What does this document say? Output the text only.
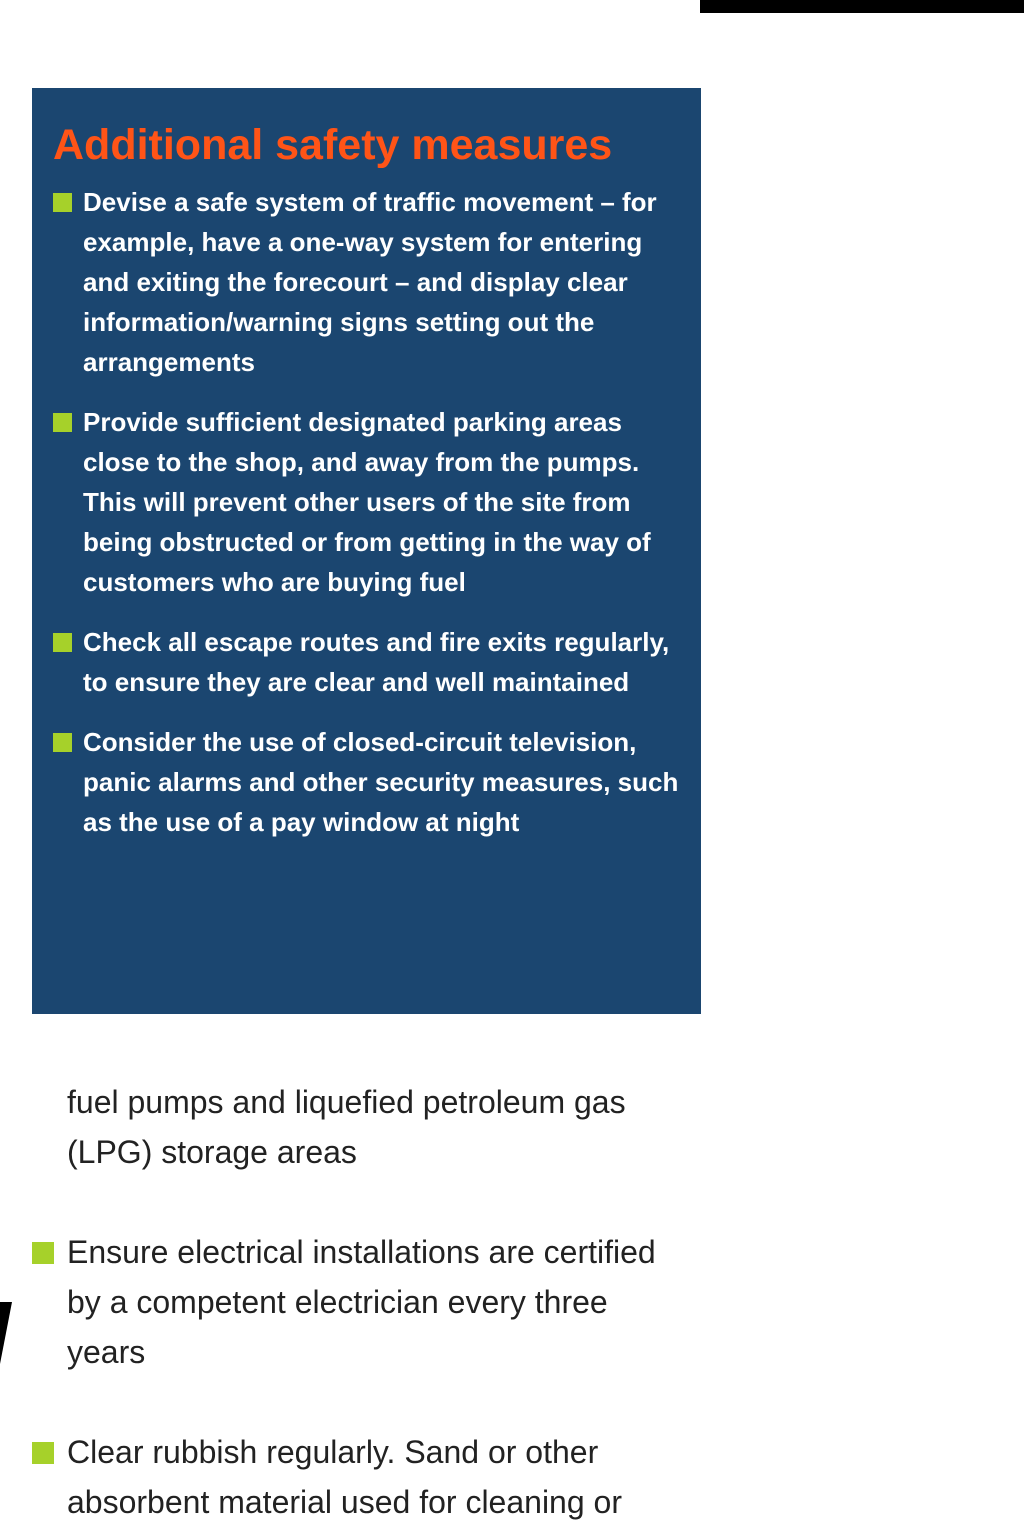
Additional safety measures
Devise a safe system of traffic movement – for example, have a one-way system for entering and exiting the forecourt – and display clear information/warning signs setting out the arrangements
Provide sufficient designated parking areas close to the shop, and away from the pumps. This will prevent other users of the site from being obstructed or from getting in the way of customers who are buying fuel
Check all escape routes and fire exits regularly, to ensure they are clear and well maintained
Consider the use of closed-circuit television, panic alarms and other security measures, such as the use of a pay window at night
fuel pumps and liquefied petroleum gas (LPG) storage areas
Ensure electrical installations are certified by a competent electrician every three years
Clear rubbish regularly. Sand or other absorbent material used for cleaning or
